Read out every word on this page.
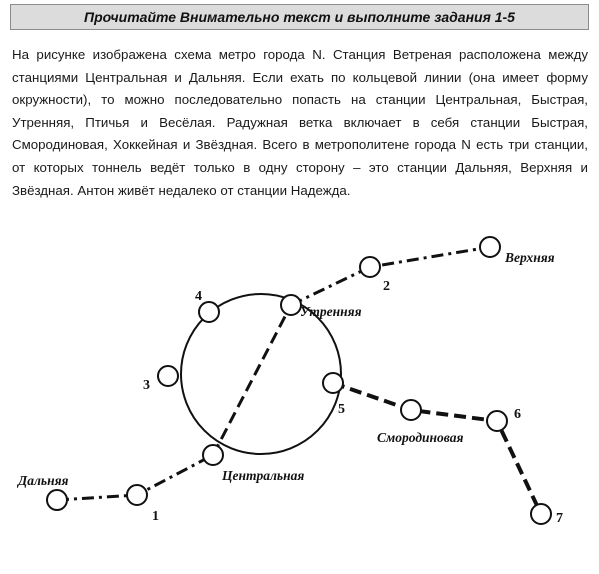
Прочитайте Внимательно текст и выполните задания 1-5

На рисунке изображена схема метро города N. Станция Ветреная расположена между станциями Центральная и Дальняя. Если ехать по кольцевой линии (она имеет форму окружности), то можно последовательно попасть на станции Центральная, Быстрая, Утренняя, Птичья и Весёлая. Радужная ветка включает в себя станции Быстрая, Смородиновая, Хоккейная и Звёздная. Всего в метрополитене города N есть три станции, от которых тоннель ведёт только в одну сторону – это станции Дальняя, Верхняя и Звёздная. Антон живёт недалеко от станции Надежда.

Дальняя	Центральная
Утренняя
Верхняя
Смородиновая
1
2
3
4
5	6
7
